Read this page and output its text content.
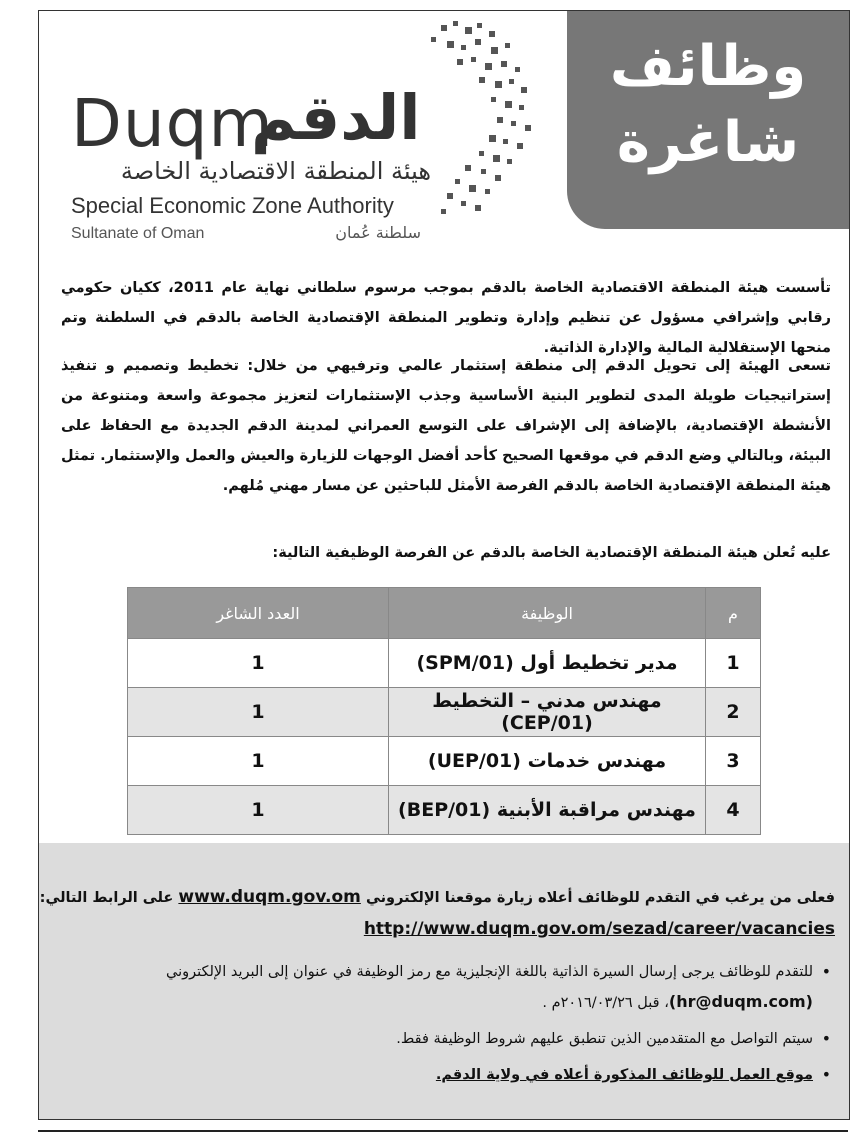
وظائف
شاغرة
Duqm
الدقم
هيئة المنطقة الاقتصادية الخاصة
Special Economic Zone Authority
Sultanate of Oman	سلطنة عُمان
تأسست هيئة المنطقة الاقتصادية الخاصة بالدقم بموجب مرسوم سلطاني نهاية عام 2011، ككيان حكومي رقابي وإشرافي مسؤول عن تنظيم وإدارة وتطوير المنطقة الإقتصادية الخاصة بالدقم في السلطنة وتم منحها الإستقلالية المالية والإدارة الذاتية.
تسعى الهيئة إلى تحويل الدقم إلى منطقة إستثمار عالمي وترفيهي من خلال: تخطيط وتصميم و تنفيذ إستراتيجيات طويلة المدى لتطوير البنية الأساسية وجذب الإستثمارات لتعزيز مجموعة واسعة ومتنوعة من الأنشطة الإقتصادية، بالإضافة إلى الإشراف على التوسع العمراني لمدينة الدقم الجديدة مع الحفاظ على البيئة، وبالتالي وضع الدقم في موقعها الصحيح كأحد أفضل الوجهات للزيارة والعيش والعمل والإستثمار. تمثل هيئة المنطقة الإقتصادية الخاصة بالدقم الفرصة الأمثل للباحثين عن مسار مهني مُلهم.
عليه تُعلن هيئة المنطقة الإقتصادية الخاصة بالدقم عن الفرصة الوظيفية التالية:
م	الوظيفة	العدد الشاغر
1	مدير تخطيط أول (SPM/01)	1
2	مهندس مدني – التخطيط (CEP/01)	1
3	مهندس خدمات (UEP/01)	1
4	مهندس مراقبة الأبنية (BEP/01)	1
فعلى من يرغب في التقدم للوظائف أعلاه زيارة موقعنا الإلكتروني www.duqm.gov.om على الرابط التالي:
http://www.duqm.gov.om/sezad/career/vacancies
• للتقدم للوظائف يرجى إرسال السيرة الذاتية باللغة الإنجليزية مع رمز الوظيفة في عنوان إلى البريد الإلكتروني
(hr@duqm.com)، قبل ٢٠١٦/٠٣/٢٦م .
• سيتم التواصل مع المتقدمين الذين تنطبق عليهم شروط الوظيفة فقط.
• موقع العمل للوظائف المذكورة أعلاه في ولاية الدقم.
